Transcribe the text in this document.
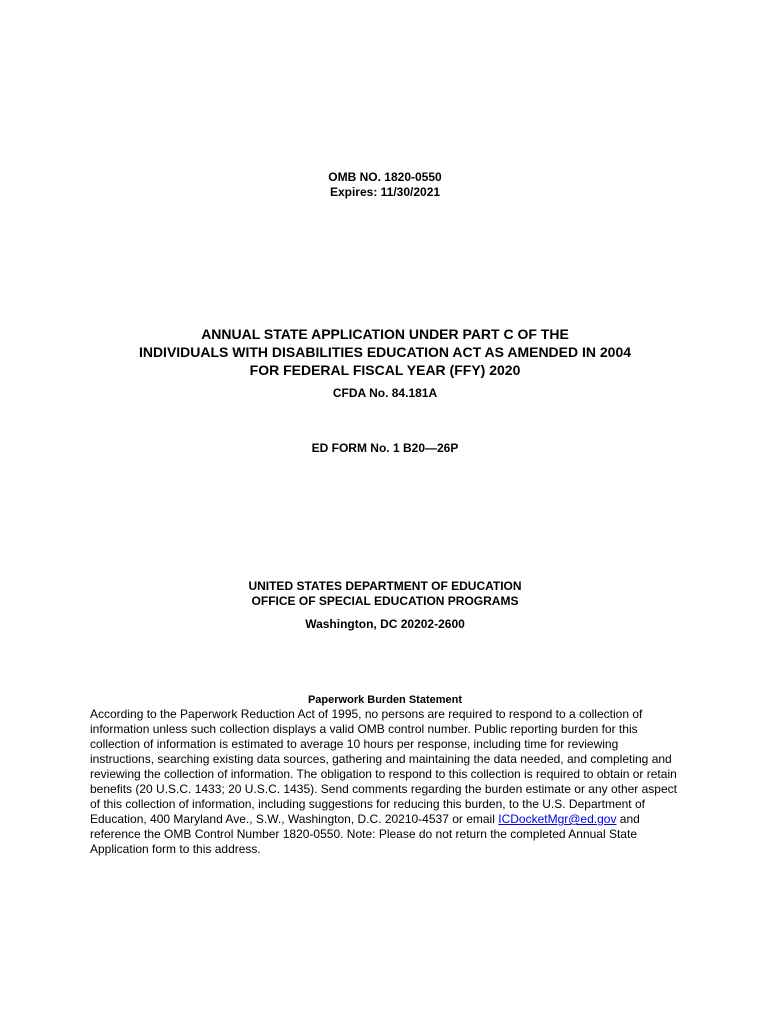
OMB NO. 1820-0550
Expires: 11/30/2021
ANNUAL STATE APPLICATION UNDER PART C OF THE
INDIVIDUALS WITH DISABILITIES EDUCATION ACT AS AMENDED IN 2004
FOR FEDERAL FISCAL YEAR (FFY) 2020
CFDA No. 84.181A
ED FORM No. 1 B20—26P
UNITED STATES DEPARTMENT OF EDUCATION
OFFICE OF SPECIAL EDUCATION PROGRAMS
Washington, DC 20202-2600
Paperwork Burden Statement
According to the Paperwork Reduction Act of 1995, no persons are required to respond to a collection of information unless such collection displays a valid OMB control number. Public reporting burden for this collection of information is estimated to average 10 hours per response, including time for reviewing instructions, searching existing data sources, gathering and maintaining the data needed, and completing and reviewing the collection of information. The obligation to respond to this collection is required to obtain or retain benefits (20 U.S.C. 1433; 20 U.S.C. 1435). Send comments regarding the burden estimate or any other aspect of this collection of information, including suggestions for reducing this burden, to the U.S. Department of Education, 400 Maryland Ave., S.W., Washington, D.C. 20210-4537 or email ICDocketMgr@ed.gov and reference the OMB Control Number 1820-0550. Note: Please do not return the completed Annual State Application form to this address.
